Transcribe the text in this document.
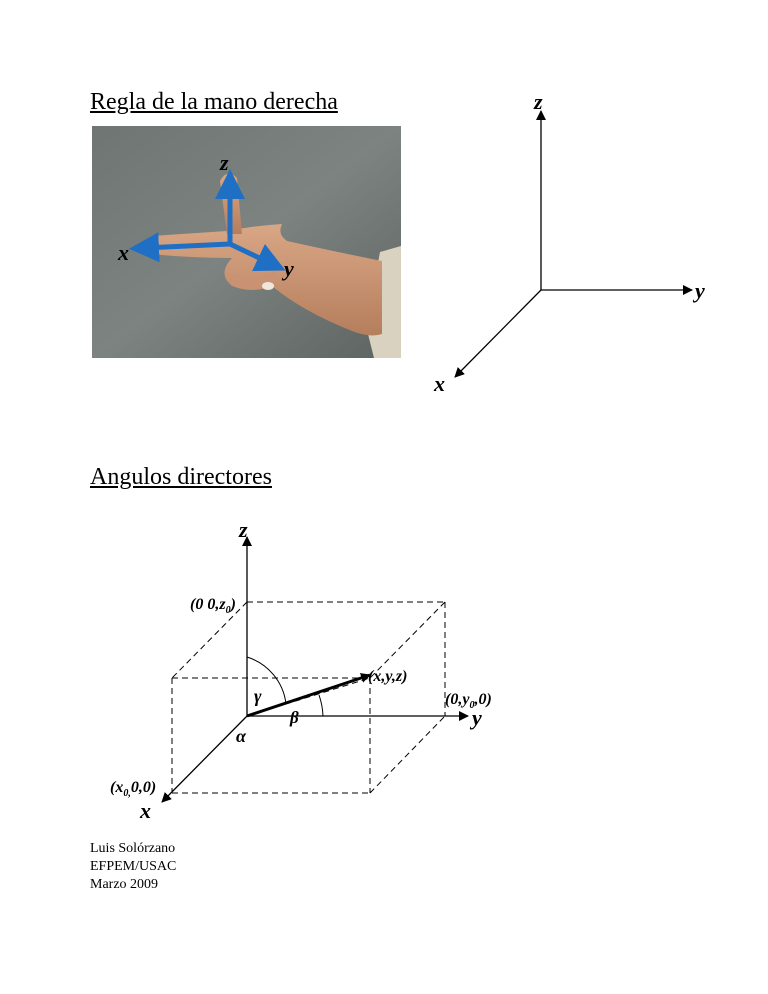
Regla de la mano derecha
z
x
y
z
y
x
Angulos directores
z
y
x
(0 $0,z_0$)
(x,y,z)
$(0,y_0,0)$
$(x_{0,}0,0)$
γ
β
α
Luis Solórzano
EFPEM/USAC
Marzo 2009
